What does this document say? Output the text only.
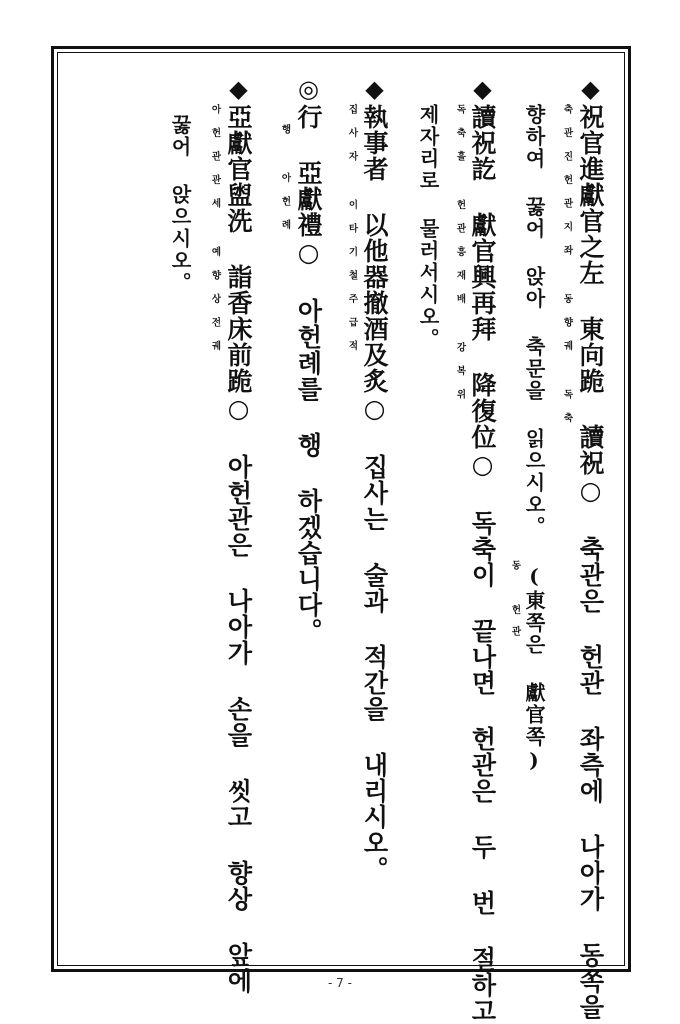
◆祝官進獻官之左 東向跪 讀祝○ 축관은 헌관 좌측에 나아가 동쪽을
축관진헌관지좌 동향궤 독축
향하여 꿇어 앉아 축문을 읽으시오。 (東쪽은 獻官쪽)
동 헌관
◆讀祝訖 獻官興再拜 降復位○ 독축이 끝나면 헌관은 두 번 절하고
독축흘 헌관흥재배 강복위
제자리로 물러서시오。
◆執事者 以他器撤酒及炙○ 집사는 술과 적간을 내리시오。
집사자 이타기철주급적
◎行 亞獻禮○ 아헌례를 행 하겠습니다。
행 아헌례
◆亞獻官盥洗 詣香床前跪○ 아헌관은 나아가 손을 씻고 향상 앞에
아헌관관세 예향상전궤
꿇어 앉으시오。
- 7 -
